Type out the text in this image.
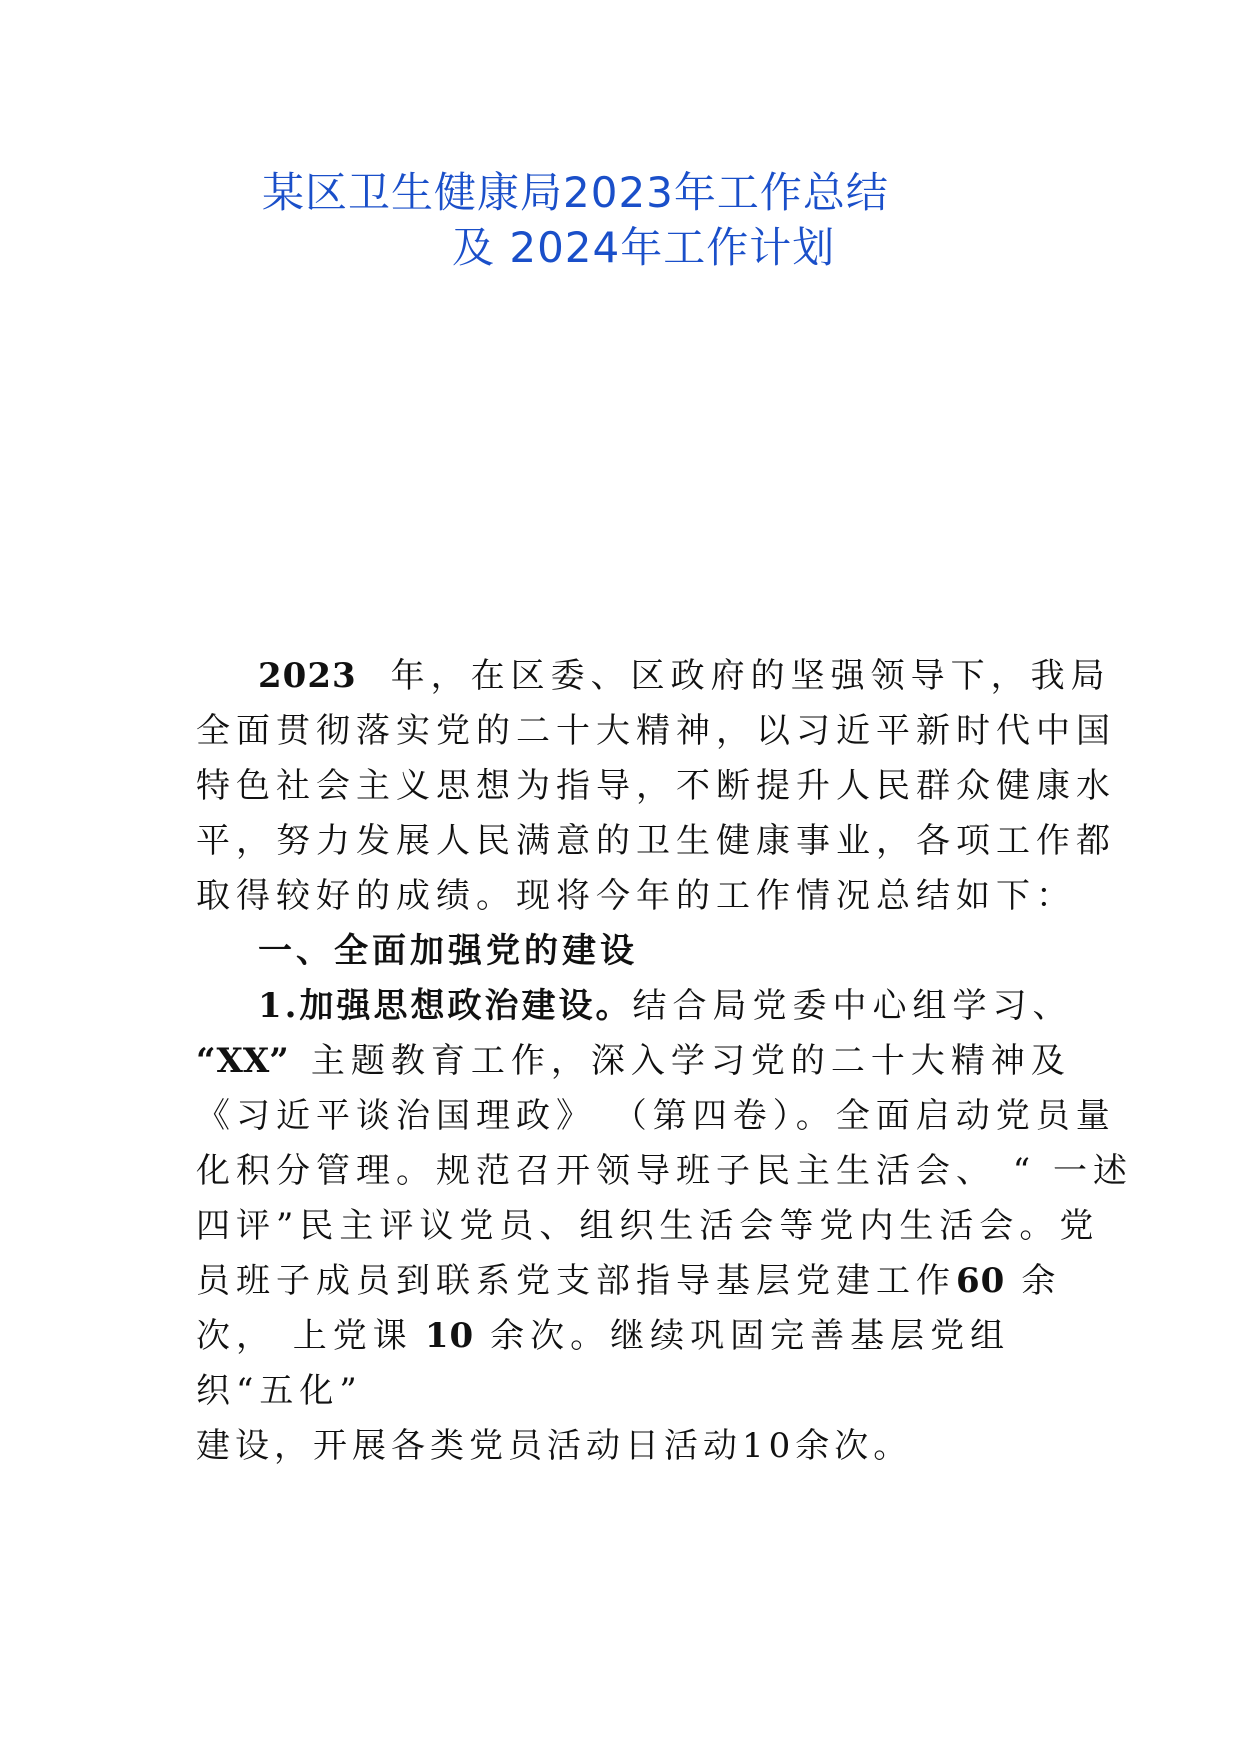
某区卫生健康局2023年工作总结
及 2024年工作计划
2023 年，在区委、区政府的坚强领导下，我局
全面贯彻落实党的二十大精神，以习近平新时代中国
特色社会主义思想为指导，不断提升人民群众健康水
平，努力发展人民满意的卫生健康事业，各项工作都
取得较好的成绩。现将今年的工作情况总结如下：
一、全面加强党的建设
1.加强思想政治建设。结合局党委中心组学习、
“XX” 主题教育工作，深入学习党的二十大精神及
《习近平谈治国理政》 （第四卷）。全面启动党员量
化积分管理。规范召开领导班子民主生活会、 “ 一述
四评”民主评议党员、组织生活会等党内生活会。党
员班子成员到联系党支部指导基层党建工作60 余
次， 上党课 10 余次。继续巩固完善基层党组
织“五化”
建设，开展各类党员活动日活动10余次。
